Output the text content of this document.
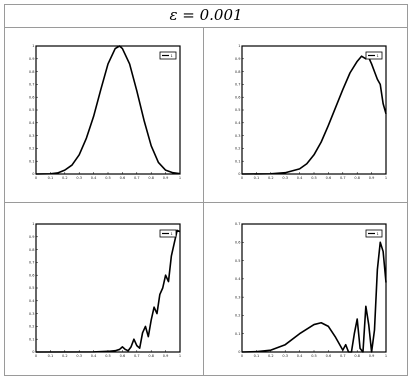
ε = 0.001
0	0.1	0.2	0.3	0.4	0.5	0.6	0.7	0.8	0.9	1
0
0.1
0.2
0.3
0.4
0.5
0.6
0.7
0.8
0.9
1
1
0	0.1	0.2	0.3	0.4	0.5	0.6	0.7	0.8	0.9	1
0
0.1
0.2
0.3
0.4
0.5
0.6
0.7
0.8
0.9
1
1
0	0.1	0.2	0.3	0.4	0.5	0.6	0.7	0.8	0.9	1
0
0.1
0.2
0.3
0.4
0.5
0.6
0.7
0.8
0.9
1
1
0	0.1	0.2	0.3	0.4	0.5	0.6	0.7	0.8	0.9	1
0
0.1
0.2
0.3
0.4
0.5
0.6
0.7
1
